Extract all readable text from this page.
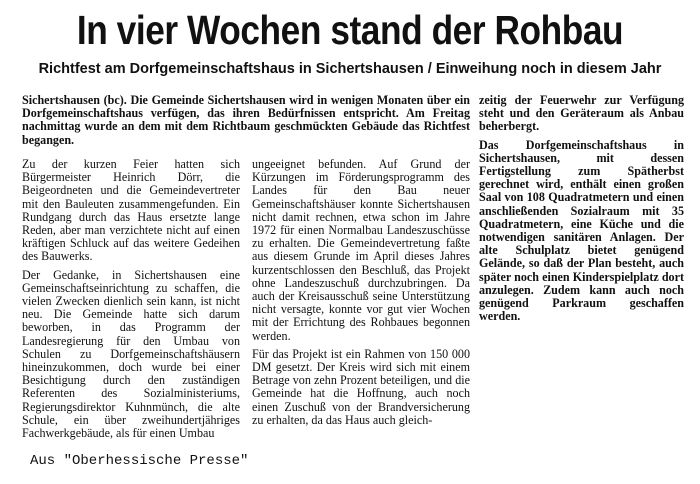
In vier Wochen stand der Rohbau
Richtfest am Dorfgemeinschaftshaus in Sichertshausen / Einweihung noch in diesem Jahr

Sichertshausen (bc). Die Gemeinde Sichertshausen wird in wenigen Monaten über ein Dorfgemeinschaftshaus verfügen, das ihren Bedürfnissen entspricht. Am Freitag nachmittag wurde an dem mit dem Richtbaum geschmückten Gebäude das Richtfest begangen.

Zu der kurzen Feier hatten sich Bürgermeister Heinrich Dörr, die Beigeordneten und die Gemeindevertreter mit den Bauleuten zusammengefunden. Ein Rundgang durch das Haus ersetzte lange Reden, aber man verzichtete nicht auf einen kräftigen Schluck auf das weitere Gedeihen des Bauwerks.

Der Gedanke, in Sichertshausen eine Gemeinschaftseinrichtung zu schaffen, die vielen Zwecken dienlich sein kann, ist nicht neu. Die Gemeinde hatte sich darum beworben, in das Programm der Landesregierung für den Umbau von Schulen zu Dorfgemeinschaftshäusern hineinzukommen, doch wurde bei einer Besichtigung durch den zuständigen Referenten des Sozialministeriums, Regierungsdirektor Kuhnmünch, die alte Schule, ein über zweihundertjähriges Fachwerkgebäude, als für einen Umbau

ungeeignet befunden. Auf Grund der Kürzungen im Förderungsprogramm des Landes für den Bau neuer Gemeinschaftshäuser konnte Sichertshausen nicht damit rechnen, etwa schon im Jahre 1972 für einen Normalbau Landeszuschüsse zu erhalten. Die Gemeindevertretung faßte aus diesem Grunde im April dieses Jahres kurzentschlossen den Beschluß, das Projekt ohne Landeszuschuß durchzubringen. Da auch der Kreisausschuß seine Unterstützung nicht versagte, konnte vor gut vier Wochen mit der Errichtung des Rohbaues begonnen werden.

Für das Projekt ist ein Rahmen von 150 000 DM gesetzt. Der Kreis wird sich mit einem Betrage von zehn Prozent beteiligen, und die Gemeinde hat die Hoffnung, auch noch einen Zuschuß von der Brandversicherung zu erhalten, da das Haus auch gleich-

zeitig der Feuerwehr zur Verfügung steht und den Geräteraum als Anbau beherbergt.

Das Dorfgemeinschaftshaus in Sichertshausen, mit dessen Fertigstellung zum Spätherbst gerechnet wird, enthält einen großen Saal von 108 Quadratmetern und einen anschließenden Sozialraum mit 35 Quadratmetern, eine Küche und die notwendigen sanitären Anlagen. Der alte Schulplatz bietet genügend Gelände, so daß der Plan besteht, auch später noch einen Kinderspielplatz dort anzulegen. Zudem kann auch noch genügend Parkraum geschaffen werden.

Aus "Oberhessische Presse"
